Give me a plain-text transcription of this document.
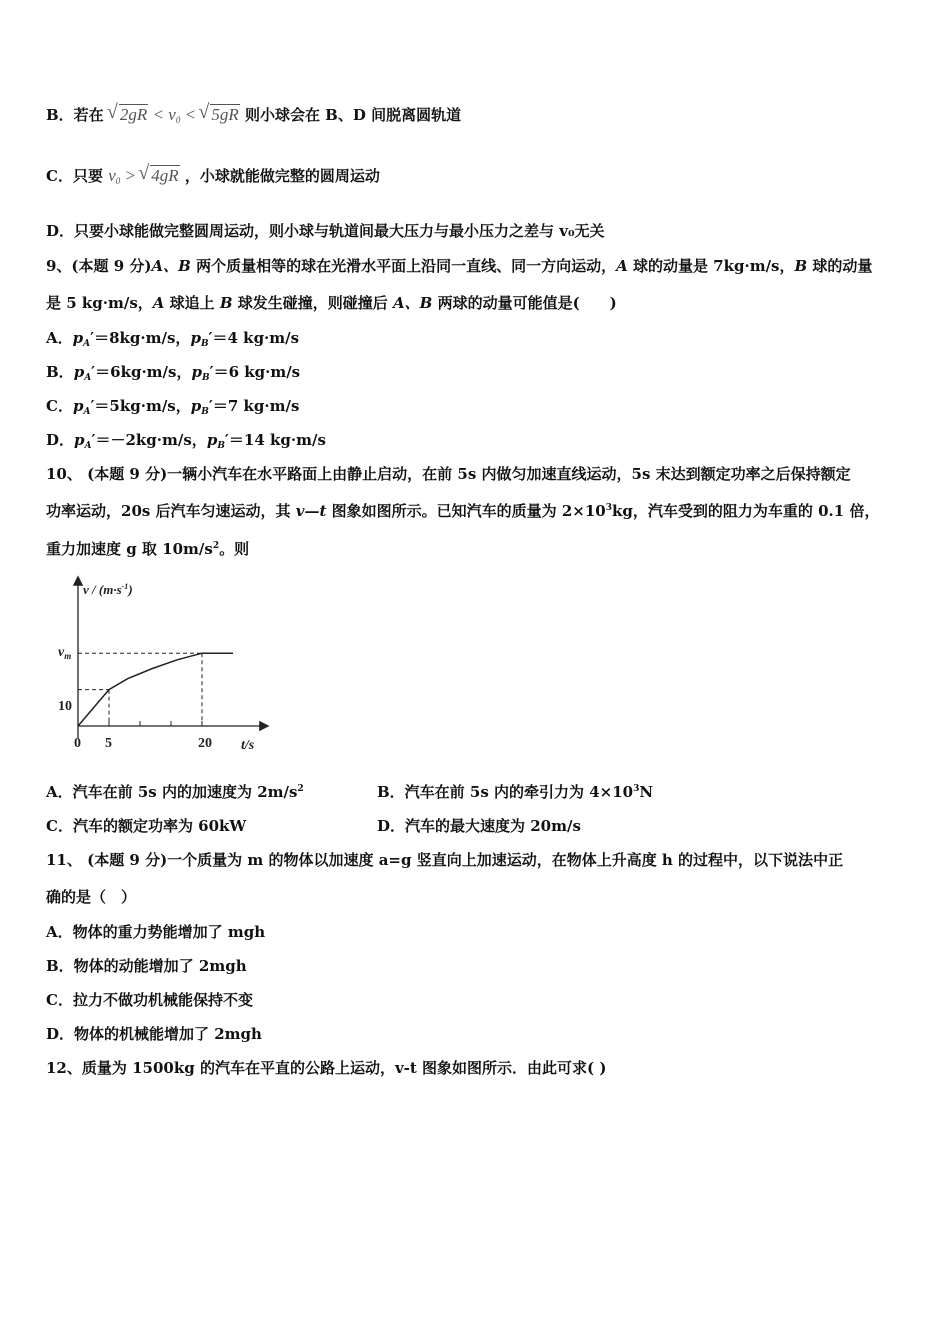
B．若在 √ $2gR < v_0$ < √ 5gR 则小球会在 B、D 间脱离圆轨道
C．只要 $v_0$ > √ 4gR ，小球就能做完整的圆周运动
D．只要小球能做完整圆周运动，则小球与轨道间最大压力与最小压力之差与 v₀无关
9、(本题 9 分)A、B 两个质量相等的球在光滑水平面上沿同一直线、同一方向运动，A 球的动量是 7kg·m/s，B 球的动量
是 5 kg·m/s，A 球追上 B 球发生碰撞，则碰撞后 A、B 两球的动量可能值是(　　)
A．$p_A'=8kg\cdot m/s$，$p_B'=4$ kg·m/s
B．$p_A'=6kg\cdot m/s$，$p_B'=6$ kg·m/s
C．$p_A'=5kg\cdot m/s$，$p_B'=7$ kg·m/s
D．$p_A'=-2kg\cdot m/s$，$p_B'=14$ kg·m/s
10、 (本题 9 分)一辆小汽车在水平路面上由静止启动，在前 5s 内做匀加速直线运动，5s 末达到额定功率之后保持额定
功率运动，20s 后汽车匀速运动，其 v—t 图象如图所示。已知汽车的质量为 $2\times 10^3kg$，汽车受到的阻力为车重的 0.1 倍，
重力加速度 g 取 $10m/s^2$。则
$v / (m\cdot s^{-1})$
$v_m$
10
0 5	20 t/s
A．汽车在前 5s 内的加速度为 $2m/s^2$	B．汽车在前 5s 内的牵引力为 $4\times 10^3N$
C．汽车的额定功率为 60kW	D．汽车的最大速度为 20m/s
11、 (本题 9 分)一个质量为 m 的物体以加速度 a=g 竖直向上加速运动，在物体上升高度 h 的过程中，以下说法中正
确的是（　）
A．物体的重力势能增加了 mgh
B．物体的动能增加了 2mgh
C．拉力不做功机械能保持不变
D．物体的机械能增加了 2mgh
12、质量为 1500kg 的汽车在平直的公路上运动，v-t 图象如图所示．由此可求( )
